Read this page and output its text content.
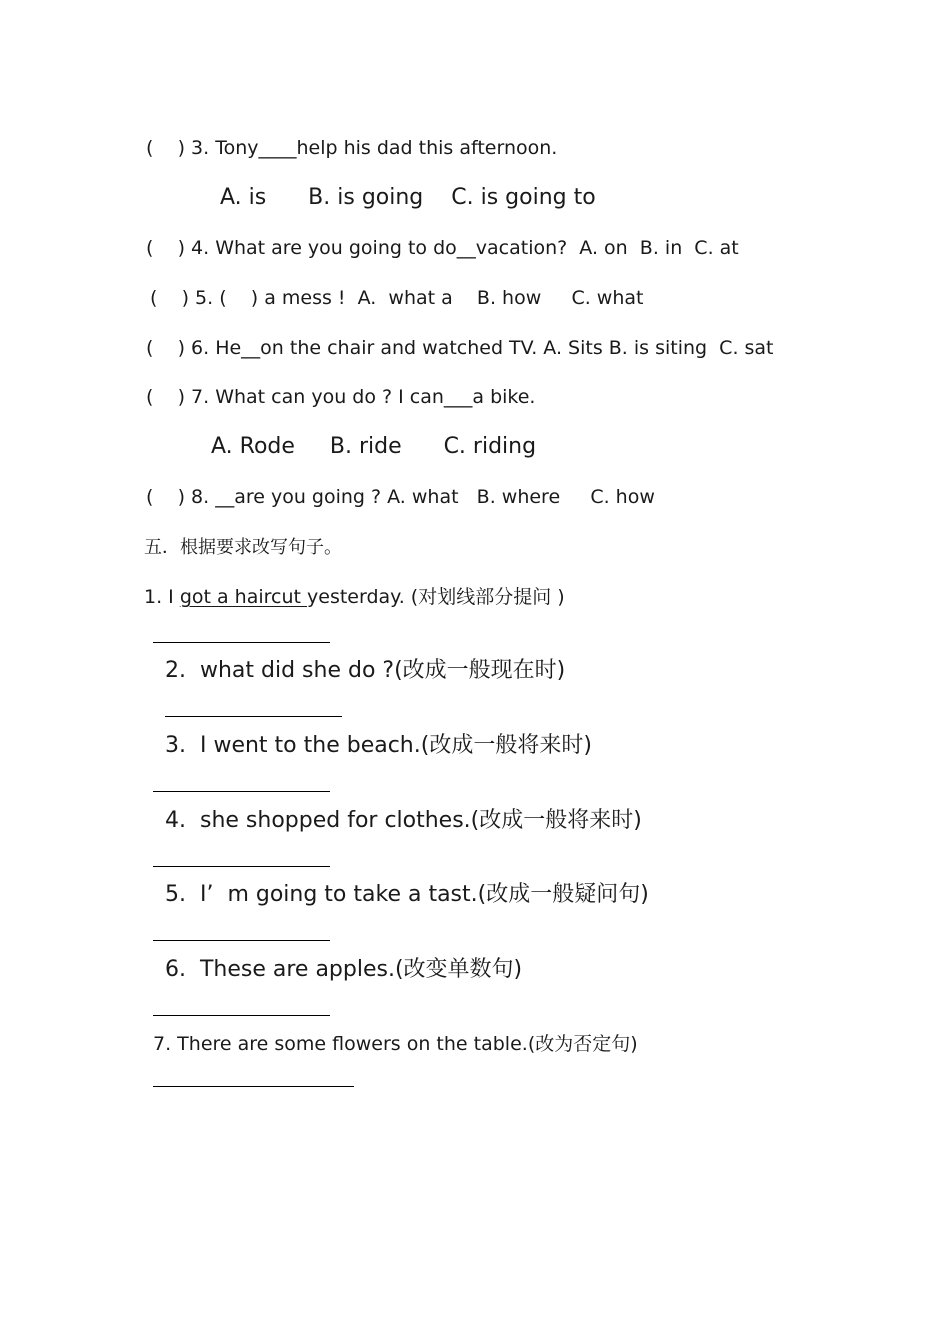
(    ) 3. Tony____help his dad this afternoon.
A. is      B. is going    C. is going to
(    ) 4. What are you going to do__vacation?  A. on  B. in  C. at
(    ) 5. (    ) a mess !  A.  what a    B. how     C. what
(    ) 6. He__on the chair and watched TV. A. Sits B. is siting  C. sat
(    ) 7. What can you do ? I can___a bike.
A. Rode     B. ride      C. riding
(    ) 8. __are you going ? A. what   B. where     C. how
五．根据要求改写句子。
1. I got a haircut yesterday. (对划线部分提问 )
2.  what did she do ?(改成一般现在时)
3.  I went to the beach.(改成一般将来时)
4.  she shopped for clothes.(改成一般将来时)
5.  I’  m going to take a tast.(改成一般疑问句)
6.  These are apples.(改变单数句)
7. There are some flowers on the table.(改为否定句)
